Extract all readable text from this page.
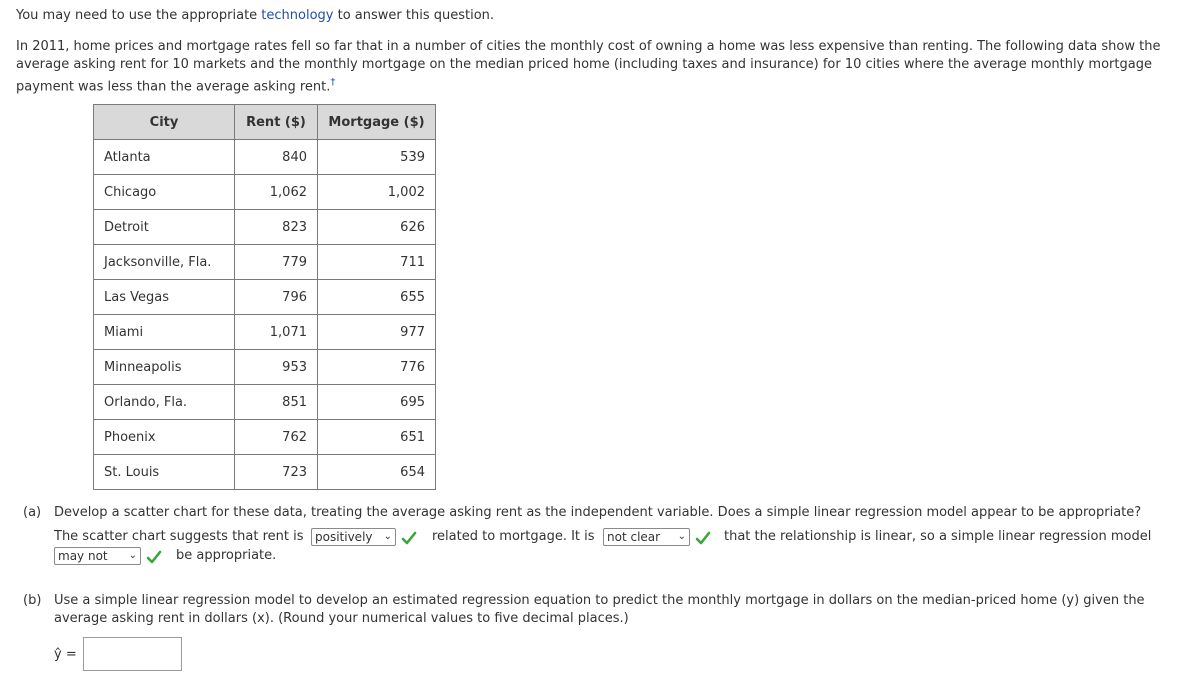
You may need to use the appropriate technology to answer this question.
In 2011, home prices and mortgage rates fell so far that in a number of cities the monthly cost of owning a home was less expensive than renting. The following data show the
average asking rent for 10 markets and the monthly mortgage on the median priced home (including taxes and insurance) for 10 cities where the average monthly mortgage
payment was less than the average asking rent.†
City	Rent ($)	Mortgage ($)
Atlanta	840	539
Chicago	1,062	1,002
Detroit	823	626
Jacksonville, Fla.	779	711
Las Vegas	796	655
Miami	1,071	977
Minneapolis	953	776
Orlando, Fla.	851	695
Phoenix	762	651
St. Louis	723	654
(a) Develop a scatter chart for these data, treating the average asking rent as the independent variable. Does a simple linear regression model appear to be appropriate?
The scatter chart suggests that rent is positively ⌄	related to mortgage. It is	not clear ⌄	that the relationship is linear, so a simple linear regression model
may not ⌄	be appropriate.
(b) Use a simple linear regression model to develop an estimated regression equation to predict the monthly mortgage in dollars on the median-priced home (y) given the
average asking rent in dollars (x). (Round your numerical values to five decimal places.)
ŷ =
